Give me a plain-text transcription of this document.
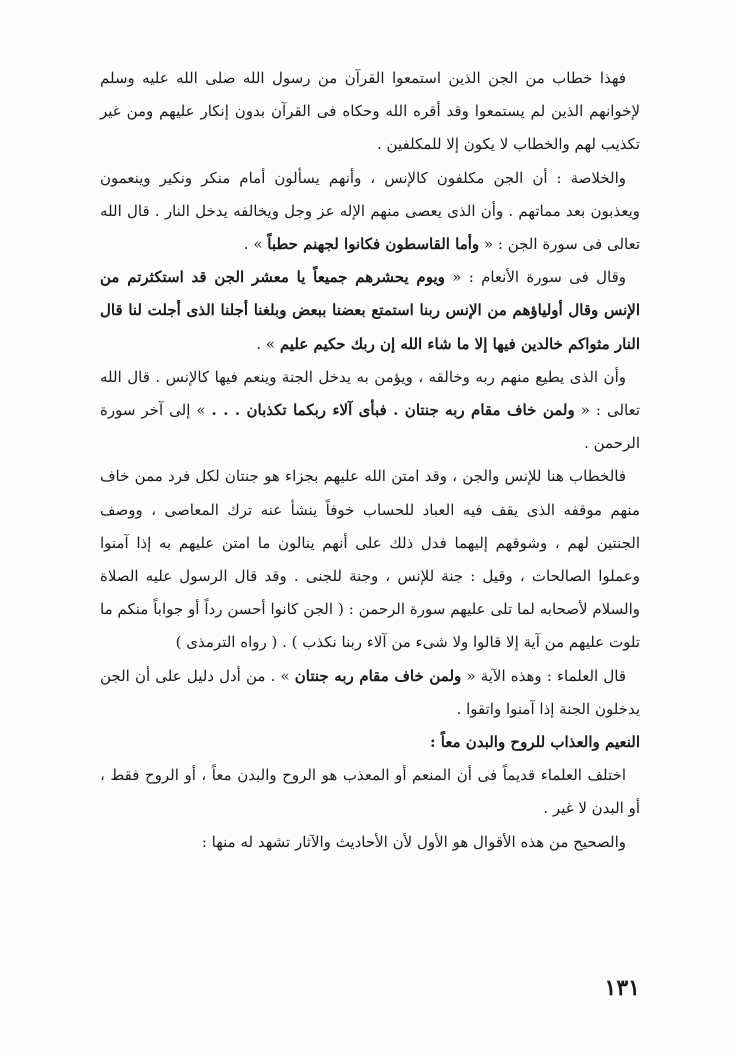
فهذا خطاب من الجن الذين استمعوا القرآن من رسول الله صلى الله عليه وسلم لإخوانهم الذين لم يستمعوا وقد أقره الله وحكاه فى القرآن بدون إنكار عليهم ومن غير تكذيب لهم والخطاب لا يكون إلا للمكلفين .

والخلاصة : أن الجن مكلفون كالإنس ، وأنهم يسألون أمام منكر ونكير وينعمون ويعذبون بعد مماتهم . وأن الذى يعصى منهم الإله عز وجل ويخالفه يدخل النار . قال الله تعالى فى سورة الجن : « وأما القاسطون فكانوا لجهنم حطباً » .

وقال فى سورة الأنعام : « ويوم يحشرهم جميعاً يا معشر الجن قد استكثرتم من الإنس وقال أولياؤهم من الإنس ربنا استمتع بعضنا ببعض وبلغنا أجلنا الذى أجلت لنا قال النار مثواكم خالدين فيها إلا ما شاء الله إن ربك حكيم عليم » .

وأن الذى يطيع منهم ربه وخالقه ، ويؤمن به يدخل الجنة وينعم فيها كالإنس . قال الله تعالى : « ولمن خاف مقام ربه جنتان . فبأى آلاء ربكما تكذبان . . . » إلى آخر سورة الرحمن .

فالخطاب هنا للإنس والجن ، وقد امتن الله عليهم بجزاء هو جنتان لكل فرد ممن خاف منهم موقفه الذى يقف فيه العباد للحساب خوفاً ينشأ عنه ترك المعاصى ، ووصف الجنتين لهم ، وشوقهم إليهما فدل ذلك على أنهم ينالون ما امتن عليهم به إذا آمنوا وعملوا الصالحات ، وقيل : جنة للإنس ، وجنة للجنى . وقد قال الرسول عليه الصلاة والسلام لأصحابه لما تلى عليهم سورة الرحمن : ( الجن كانوا أحسن رداً أو جواباً منكم ما تلوت عليهم من آية إلا قالوا ولا شىء من آلاء ربنا نكذب ) . ( رواه الترمذى )

قال العلماء : وهذه الآية « ولمن خاف مقام ربه جنتان » . من أدل دليل على أن الجن يدخلون الجنة إذا آمنوا واتقوا .

النعيم والعذاب للروح والبدن معاً :

اختلف العلماء قديماً فى أن المنعم أو المعذب هو الروح والبدن معاً ، أو الروح فقط ، أو البدن لا غير .

والصحيح من هذه الأقوال هو الأول لأن الأحاديث والآثار تشهد له منها :

١٣١
